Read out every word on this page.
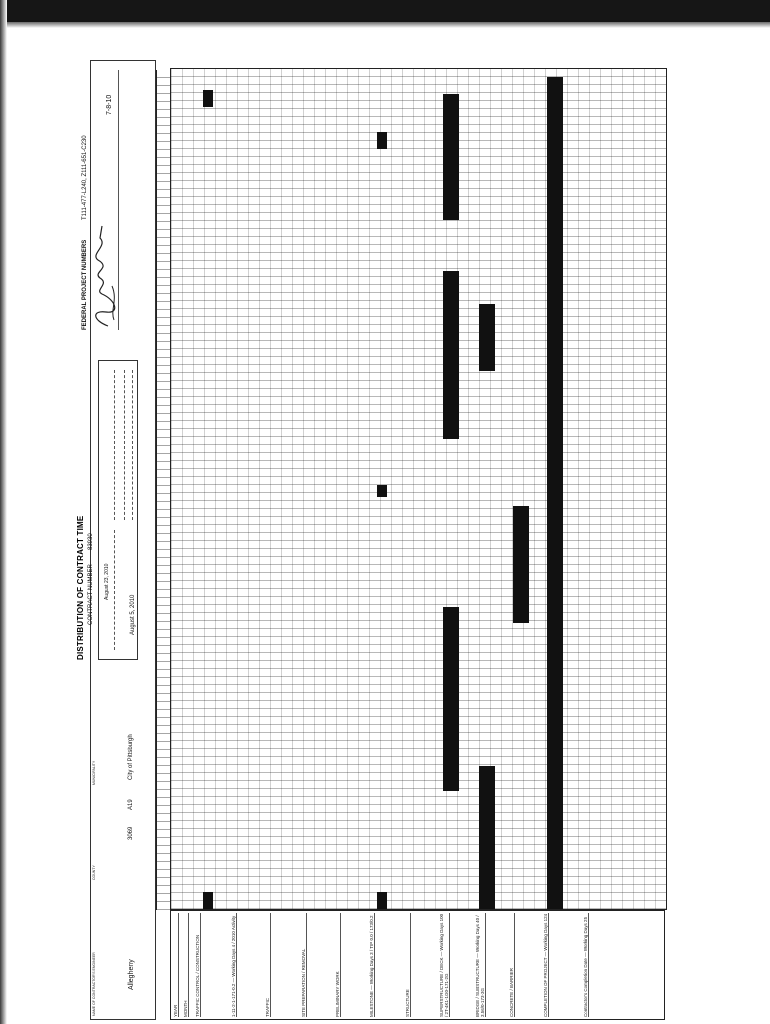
DISTRIBUTION OF CONTRACT TIME
NAME OF CONTRACTOR'S ENGINEER	Allegheny
COUNTY
3069
A19
MUNICIPALITY	City of Pittsburgh
August 5, 2010
CONTRACT NUMBER
83930
August 23, 2010
FEDERAL PROJECT NUMBERS
T111-477-L240, Z111-651-C230
7-8-10
YEAR MONTH TRAFFIC CONTROL / CONSTRUCTION	1-11-2-1-171-0.2 — Working Days 4 / 2010 Activity	TRAFFIC	SITE PREPARATION / REMOVAL	PRELIMINARY WORK	MILESTONE — Working Days 3 / TIP 0.0 / 173/0.2	STRUCTURE	SUPERSTRUCTURE / DECK — Working Days 100 / 2T-4K1-1G0-171-2G	BRIDGE / SUBSTRUCTURE — Working Days 40 / 3.56/0-173-3G	CONCRETE / BARRIER	COMPLETION OF PROJECT — Working Days 124	Contractor's Completion Date — Working Days 25
